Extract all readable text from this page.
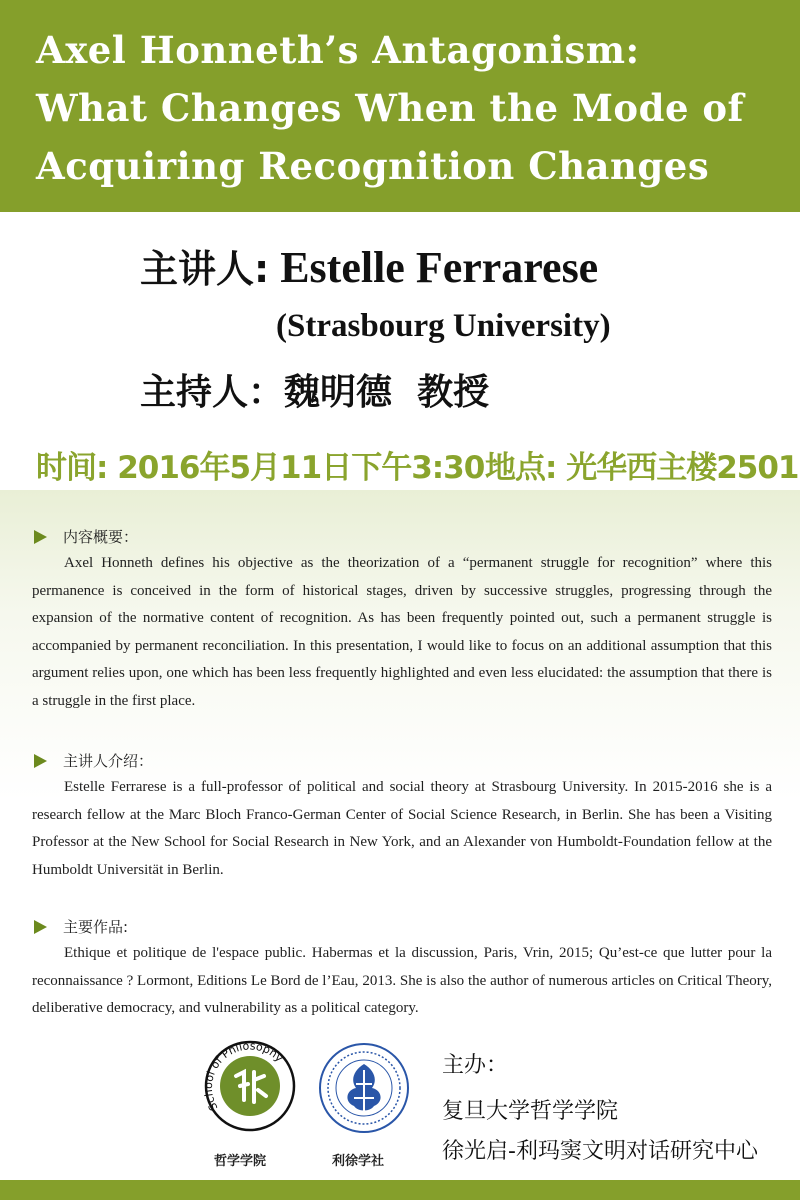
Axel Honneth’s Antagonism:
What Changes When the Mode of
Acquiring Recognition Changes
主讲人: Estelle Ferrarese
(Strasbourg University)
主持人：魏明德  教授
时间: 2016年5月11日下午3:30 地点: 光华西主楼2501
内容概要：
Axel Honneth defines his objective as the theorization of a “permanent struggle for recognition” where this permanence is conceived in the form of historical stages, driven by successive struggles, progressing through the expansion of the normative content of recognition. As has been frequently pointed out, such a permanent struggle is accompanied by permanent reconciliation. In this presentation, I would like to focus on an additional assumption that this argument relies upon, one which has been less frequently highlighted and even less elucidated: the assumption that there is a struggle in the first place.
主讲人介绍：
Estelle Ferrarese is a full-professor of political and social theory at Strasbourg University. In 2015-2016 she is a research fellow at the Marc Bloch Franco-German Center of Social Science Research, in Berlin. She has been a Visiting Professor at the New School for Social Research in New York, and an Alexander von Humboldt-Foundation fellow at the Humboldt Universität in Berlin.
主要作品:
Ethique et politique de l'espace public. Habermas et la discussion, Paris, Vrin, 2015; Qu’est-ce que lutter pour la reconnaissance ? Lormont, Editions Le Bord de l’Eau, 2013. She is also the author of numerous articles on Critical Theory, deliberative democracy, and vulnerability as a political category.
School of Philosophy
哲学学院	利徐学社
主办：
复旦大学哲学学院
徐光启-利玛窦文明对话研究中心
